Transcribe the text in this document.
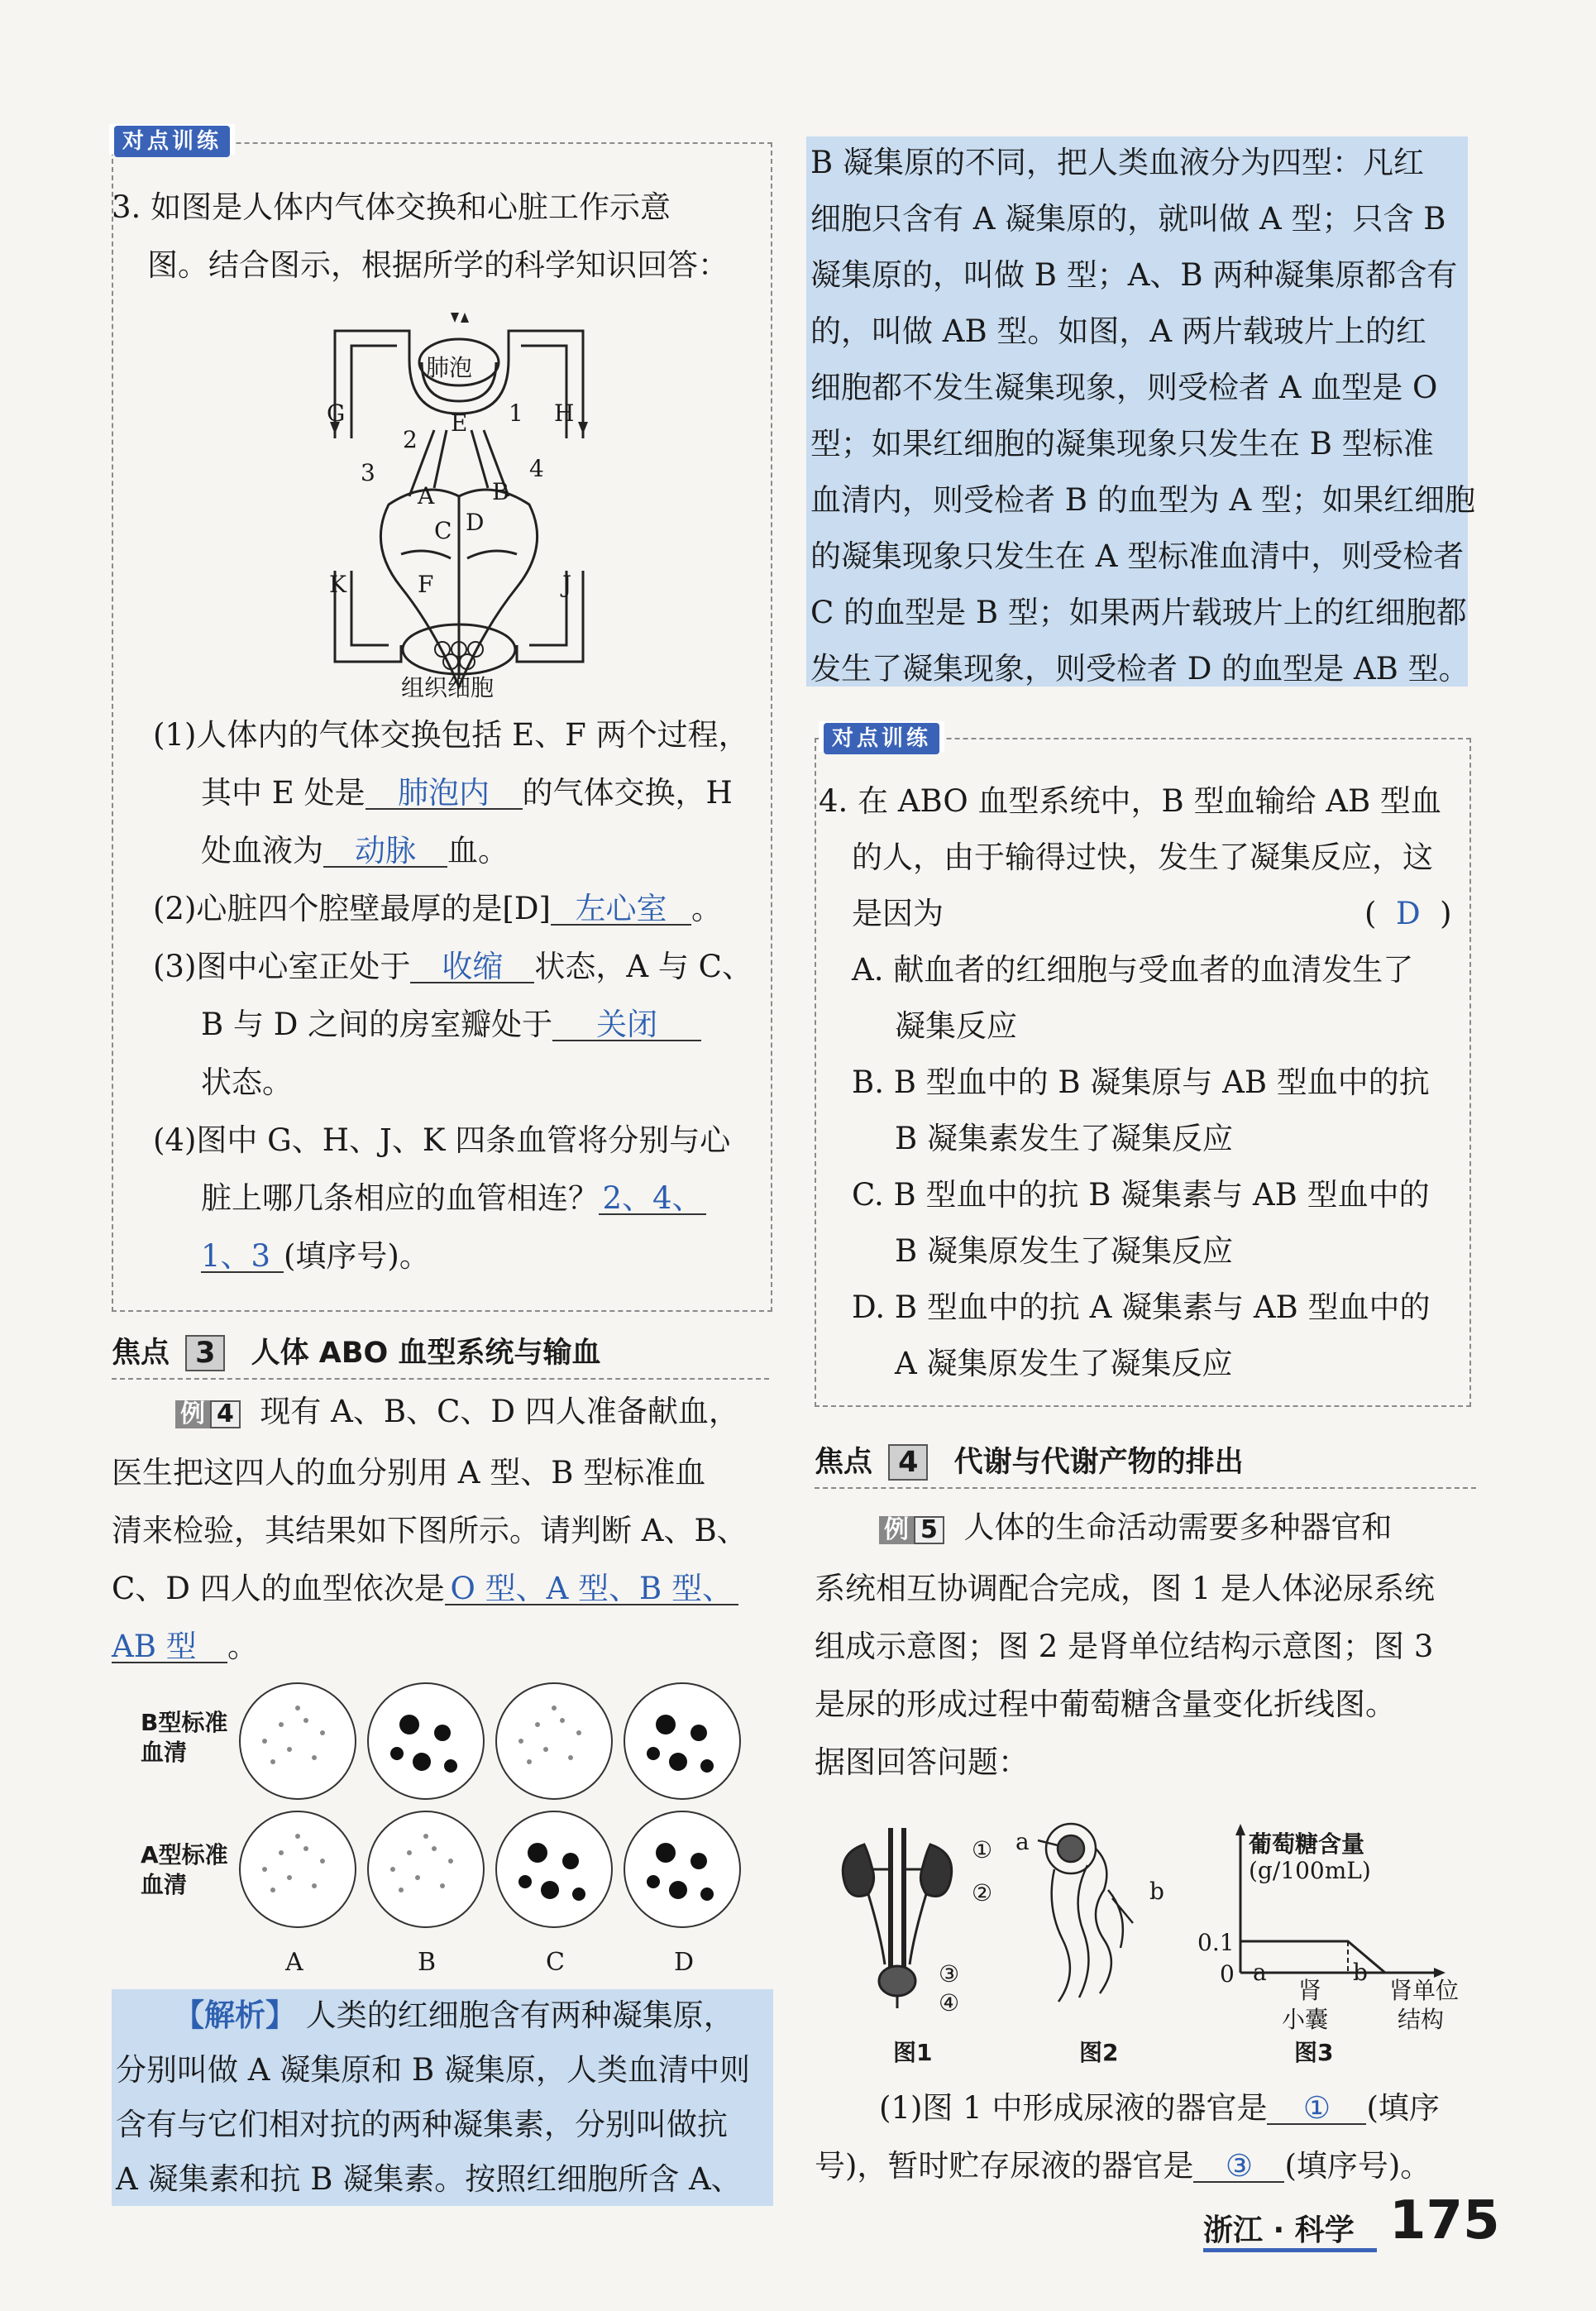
对点训练
3. 如图是人体内气体交换和心脏工作示意
图。结合图示，根据所学的科学知识回答：
肺泡
G	H
E 1
2
3
A B
4
C D
K	F	J
组织细胞
(1)人体内的气体交换包括 E、F 两个过程，
其中 E 处是 肺泡内 的气体交换，H
处血液为 动脉 血。
(2)心脏四个腔壁最厚的是[D] 左心室 。
(3)图中心室正处于 收缩 状态，A 与 C、
B 与 D 之间的房室瓣处于 关闭
状态。
(4)图中 G、H、J、K 四条血管将分别与心
脏上哪几条相应的血管相连？ 2、4、
1、3 (填序号)。
焦点 3 人体 ABO 血型系统与输血
例 4 现有 A、B、C、D 四人准备献血，
医生把这四人的血分别用 A 型、B 型标准血
清来检验，其结果如下图所示。请判断 A、B、
C、D 四人的血型依次是 O 型、A 型、B 型、
AB 型 。
B型标准血清
A型标准血清
A	B	C	D
【解析】 人类的红细胞含有两种凝集原，
分别叫做 A 凝集原和 B 凝集原，人类血清中则
含有与它们相对抗的两种凝集素，分别叫做抗
A 凝集素和抗 B 凝集素。按照红细胞所含 A、
B 凝集原的不同，把人类血液分为四型：凡红
细胞只含有 A 凝集原的，就叫做 A 型；只含 B
凝集原的，叫做 B 型；A、B 两种凝集原都含有
的，叫做 AB 型。如图，A 两片载玻片上的红
细胞都不发生凝集现象，则受检者 A 血型是 O
型；如果红细胞的凝集现象只发生在 B 型标准
血清内，则受检者 B 的血型为 A 型；如果红细胞
的凝集现象只发生在 A 型标准血清中，则受检者
C 的血型是 B 型；如果两片载玻片上的红细胞都
发生了凝集现象，则受检者 D 的血型是 AB 型。
对点训练
4. 在 ABO 血型系统中，B 型血输给 AB 型血
的人，由于输得过快，发生了凝集反应，这
是因为	(  D  )
A. 献血者的红细胞与受血者的血清发生了
凝集反应
B. B 型血中的 B 凝集原与 AB 型血中的抗
B 凝集素发生了凝集反应
C. B 型血中的抗 B 凝集素与 AB 型血中的
B 凝集原发生了凝集反应
D. B 型血中的抗 A 凝集素与 AB 型血中的
A 凝集原发生了凝集反应
焦点 4 代谢与代谢产物的排出
例 5 人体的生命活动需要多种器官和
系统相互协调配合完成，图 1 是人体泌尿系统
组成示意图；图 2 是肾单位结构示意图；图 3
是尿的形成过程中葡萄糖含量变化折线图。
据图回答问题：
①
②
③
④
图1
a
b
图2
葡萄糖含量
(g/100mL)
0.1
0 a	b
肾
小囊
肾单位
结构
图3
(1)图 1 中形成尿液的器官是 ① (填序
号)，暂时贮存尿液的器官是 ③ (填序号)。
浙江 · 科学 175
